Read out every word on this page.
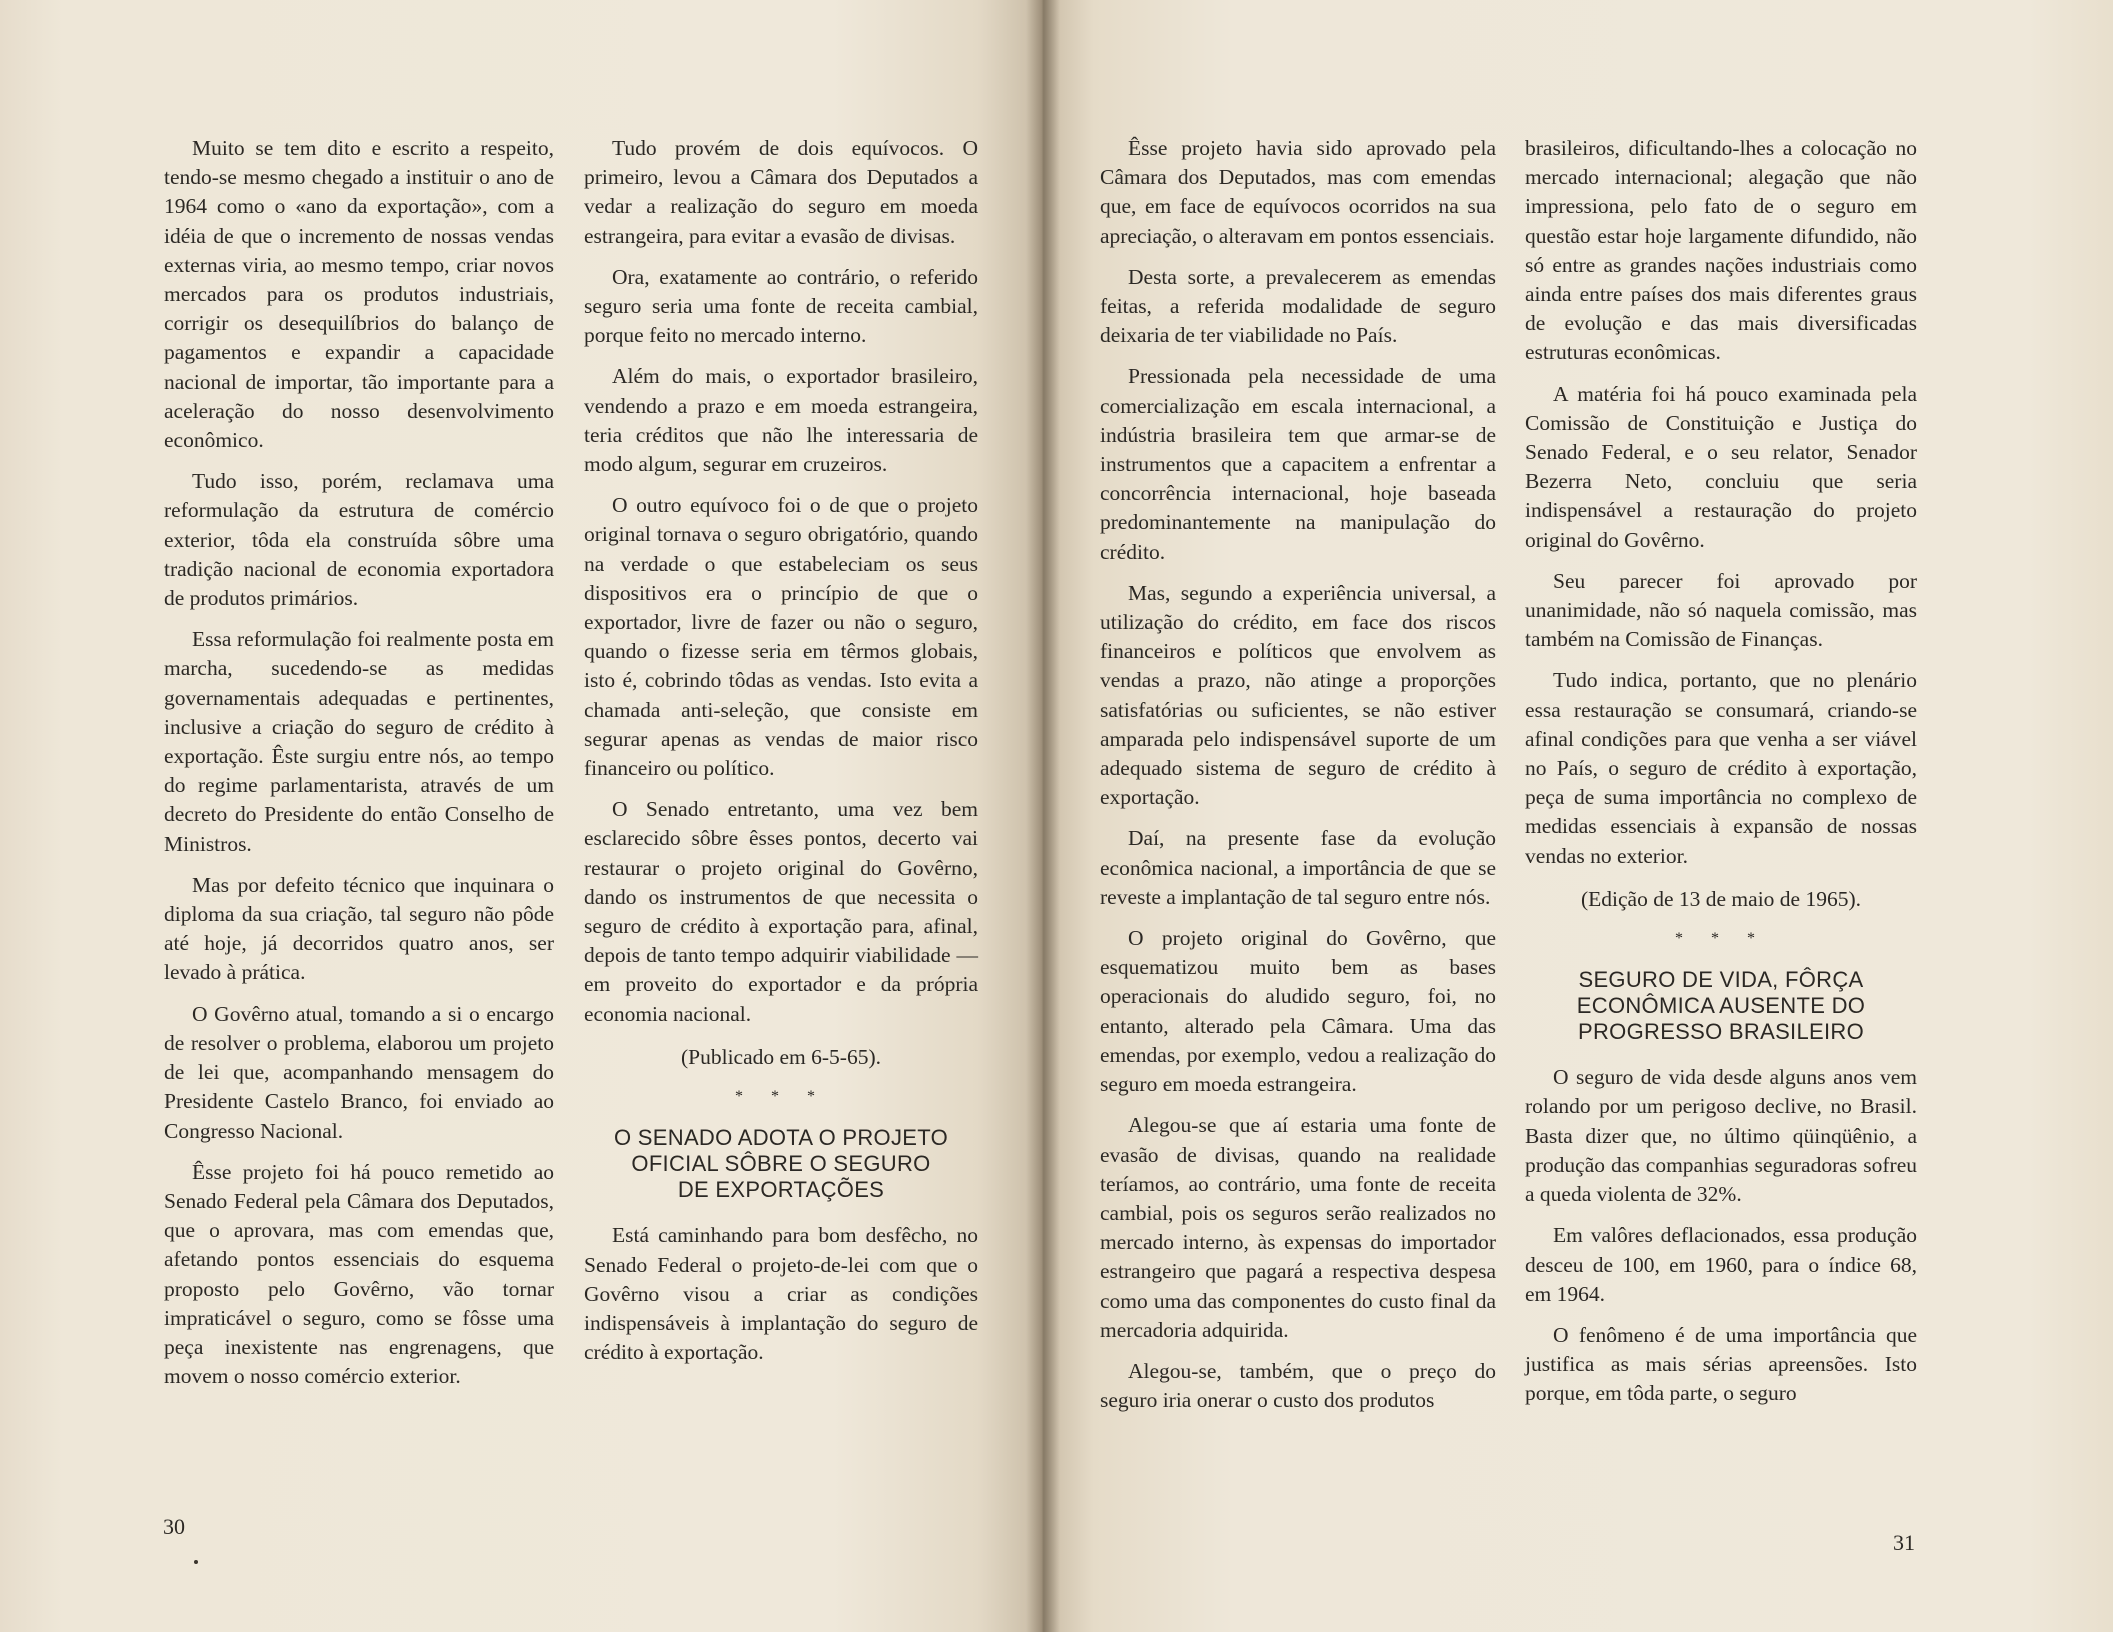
Muito se tem dito e escrito a respeito, tendo-se mesmo chegado a instituir o ano de 1964 como o «ano da exportação», com a idéia de que o incremento de nossas vendas externas viria, ao mesmo tempo, criar novos mercados para os produtos industriais, corrigir os desequilíbrios do balanço de pagamentos e expandir a capacidade nacional de importar, tão importante para a aceleração do nosso desenvolvimento econômico.

Tudo isso, porém, reclamava uma reformulação da estrutura de comércio exterior, tôda ela construída sôbre uma tradição nacional de economia exportadora de produtos primários.

Essa reformulação foi realmente posta em marcha, sucedendo-se as medidas governamentais adequadas e pertinentes, inclusive a criação do seguro de crédito à exportação. Êste surgiu entre nós, ao tempo do regime parlamentarista, através de um decreto do Presidente do então Conselho de Ministros.

Mas por defeito técnico que inquinara o diploma da sua criação, tal seguro não pôde até hoje, já decorridos quatro anos, ser levado à prática.

O Govêrno atual, tomando a si o encargo de resolver o problema, elaborou um projeto de lei que, acompanhando mensagem do Presidente Castelo Branco, foi enviado ao Congresso Nacional.

Êsse projeto foi há pouco remetido ao Senado Federal pela Câmara dos Deputados, que o aprovara, mas com emendas que, afetando pontos essenciais do esquema proposto pelo Govêrno, vão tornar impraticável o seguro, como se fôsse uma peça inexistente nas engrenagens, que movem o nosso comércio exterior.

Tudo provém de dois equívocos. O primeiro, levou a Câmara dos Deputados a vedar a realização do seguro em moeda estrangeira, para evitar a evasão de divisas.

Ora, exatamente ao contrário, o referido seguro seria uma fonte de receita cambial, porque feito no mercado interno.

Além do mais, o exportador brasileiro, vendendo a prazo e em moeda estrangeira, teria créditos que não lhe interessaria de modo algum, segurar em cruzeiros.

O outro equívoco foi o de que o projeto original tornava o seguro obrigatório, quando na verdade o que estabeleciam os seus dispositivos era o princípio de que o exportador, livre de fazer ou não o seguro, quando o fizesse seria em têrmos globais, isto é, cobrindo tôdas as vendas. Isto evita a chamada anti-seleção, que consiste em segurar apenas as vendas de maior risco financeiro ou político.

O Senado entretanto, uma vez bem esclarecido sôbre êsses pontos, decerto vai restaurar o projeto original do Govêrno, dando os instrumentos de que necessita o seguro de crédito à exportação para, afinal, depois de tanto tempo adquirir viabilidade — em proveito do exportador e da própria economia nacional.

(Publicado em 6-5-65).
* * *
O SENADO ADOTA O PROJETO
OFICIAL SÔBRE O SEGURO
DE EXPORTAÇÕES

Está caminhando para bom desfêcho, no Senado Federal o projeto-de-lei com que o Govêrno visou a criar as condições indispensáveis à implantação do seguro de crédito à exportação.

30

Êsse projeto havia sido aprovado pela Câmara dos Deputados, mas com emendas que, em face de equívocos ocorridos na sua apreciação, o alteravam em pontos essenciais.

Desta sorte, a prevalecerem as emendas feitas, a referida modalidade de seguro deixaria de ter viabilidade no País.

Pressionada pela necessidade de uma comercialização em escala internacional, a indústria brasileira tem que armar-se de instrumentos que a capacitem a enfrentar a concorrência internacional, hoje baseada predominantemente na manipulação do crédito.

Mas, segundo a experiência universal, a utilização do crédito, em face dos riscos financeiros e políticos que envolvem as vendas a prazo, não atinge a proporções satisfatórias ou suficientes, se não estiver amparada pelo indispensável suporte de um adequado sistema de seguro de crédito à exportação.

Daí, na presente fase da evolução econômica nacional, a importância de que se reveste a implantação de tal seguro entre nós.

O projeto original do Govêrno, que esquematizou muito bem as bases operacionais do aludido seguro, foi, no entanto, alterado pela Câmara. Uma das emendas, por exemplo, vedou a realização do seguro em moeda estrangeira.

Alegou-se que aí estaria uma fonte de evasão de divisas, quando na realidade teríamos, ao contrário, uma fonte de receita cambial, pois os seguros serão realizados no mercado interno, às expensas do importador estrangeiro que pagará a respectiva despesa como uma das componentes do custo final da mercadoria adquirida.

Alegou-se, também, que o preço do seguro iria onerar o custo dos produtos

brasileiros, dificultando-lhes a colocação no mercado internacional; alegação que não impressiona, pelo fato de o seguro em questão estar hoje largamente difundido, não só entre as grandes nações industriais como ainda entre países dos mais diferentes graus de evolução e das mais diversificadas estruturas econômicas.

A matéria foi há pouco examinada pela Comissão de Constituição e Justiça do Senado Federal, e o seu relator, Senador Bezerra Neto, concluiu que seria indispensável a restauração do projeto original do Govêrno.

Seu parecer foi aprovado por unanimidade, não só naquela comissão, mas também na Comissão de Finanças.

Tudo indica, portanto, que no plenário essa restauração se consumará, criando-se afinal condições para que venha a ser viável no País, o seguro de crédito à exportação, peça de suma importância no complexo de medidas essenciais à expansão de nossas vendas no exterior.

(Edição de 13 de maio de 1965).
* * *
SEGURO DE VIDA, FÔRÇA
ECONÔMICA AUSENTE DO
PROGRESSO BRASILEIRO

O seguro de vida desde alguns anos vem rolando por um perigoso declive, no Brasil. Basta dizer que, no último qüinqüênio, a produção das companhias seguradoras sofreu a queda violenta de 32%.

Em valôres deflacionados, essa produção desceu de 100, em 1960, para o índice 68, em 1964.

O fenômeno é de uma importância que justifica as mais sérias apreensões. Isto porque, em tôda parte, o seguro

31
